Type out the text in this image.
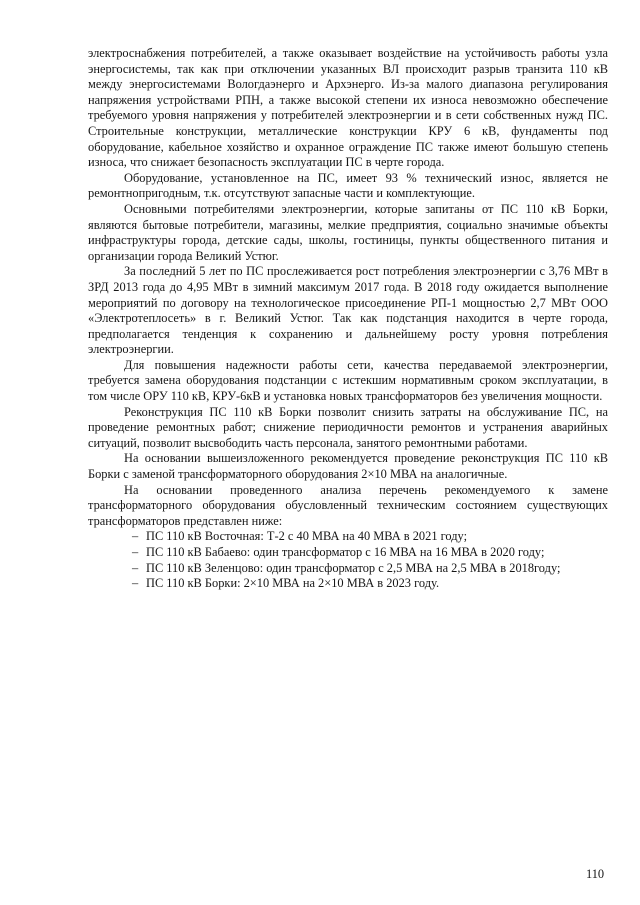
электроснабжения потребителей, а также оказывает воздействие на устойчивость работы узла энергосистемы, так как при отключении указанных ВЛ происходит разрыв транзита 110 кВ между энергосистемами Вологдаэнерго и Архэнерго. Из-за малого диапазона регулирования напряжения устройствами РПН, а также высокой степени их износа невозможно обеспечение требуемого уровня напряжения у потребителей электроэнергии и в сети собственных нужд ПС. Строительные конструкции, металлические конструкции КРУ 6 кВ, фундаменты под оборудование, кабельное хозяйство и охранное ограждение ПС также имеют большую степень износа, что снижает безопасность эксплуатации ПС в черте города.

Оборудование, установленное на ПС, имеет 93 % технический износ, является не ремонтнопригодным, т.к. отсутствуют запасные части и комплектующие.

Основными потребителями электроэнергии, которые запитаны от ПС 110 кВ Борки, являются бытовые потребители, магазины, мелкие предприятия, социально значимые объекты инфраструктуры города, детские сады, школы, гостиницы, пункты общественного питания и организации города Великий Устюг.

За последний 5 лет по ПС прослеживается рост потребления электроэнергии с 3,76 МВт в ЗРД 2013 года до 4,95 МВт в зимний максимум 2017 года. В 2018 году ожидается выполнение мероприятий по договору на технологическое присоединение РП-1 мощностью 2,7 МВт ООО «Электротеплосеть» в г. Великий Устюг. Так как подстанция находится в черте города, предполагается тенденция к сохранению и дальнейшему росту уровня потребления электроэнергии.

Для повышения надежности работы сети, качества передаваемой электроэнергии, требуется замена оборудования подстанции с истекшим нормативным сроком эксплуатации, в том числе ОРУ 110 кВ, КРУ-6кВ и установка новых трансформаторов без увеличения мощности.

Реконструкция ПС 110 кВ Борки позволит снизить затраты на обслуживание ПС, на проведение ремонтных работ; снижение периодичности ремонтов и устранения аварийных ситуаций, позволит высвободить часть персонала, занятого ремонтными работами.

На основании вышеизложенного рекомендуется проведение реконструкция ПС 110 кВ Борки с заменой трансформаторного оборудования 2×10 МВА на аналогичные.

На основании проведенного анализа перечень рекомендуемого к замене трансформаторного оборудования обусловленный техническим состоянием существующих трансформаторов представлен ниже:

– ПС 110 кВ Восточная: Т-2 с 40 МВА на 40 МВА в 2021 году;
– ПС 110 кВ Бабаево: один трансформатор с 16 МВА на 16 МВА в 2020 году;
– ПС 110 кВ Зеленцово: один трансформатор с 2,5 МВА на 2,5 МВА в 2018году;
– ПС 110 кВ Борки: 2×10 МВА на 2×10 МВА в 2023 году.
110
